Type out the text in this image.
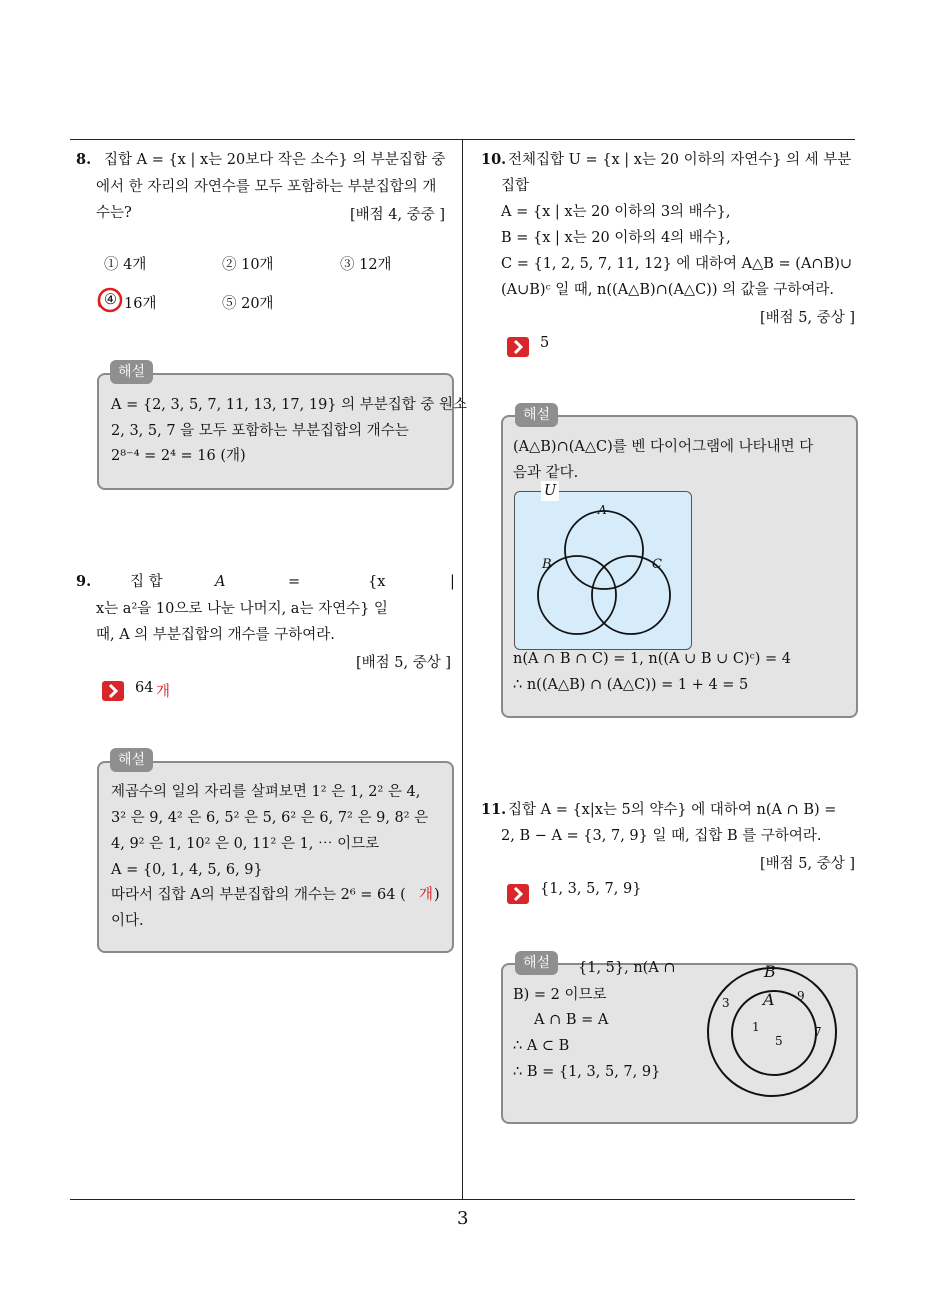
8. 집합 A = {x | x는 20보다 작은 소수} 의 부분집합 중
에서 한 자리의 자연수를 모두 포함하는 부분집합의 개
수는?	[배점 4, 중중 ]
① 4개	② 10개	③ 12개
④ 16개	⑤ 20개
해설
A = {2, 3, 5, 7, 11, 13, 17, 19} 의 부분집합 중 원소
2, 3, 5, 7 을 모두 포함하는 부분집합의 개수는
2⁸⁻⁴ = 2⁴ = 16 (개)
9.	집 합	A	=	{x	|
x는 a²을 10으로 나눈 나머지, a는 자연수} 일
때, A 의 부분집합의 개수를 구하여라.
[배점 5, 중상 ]
64 개
해설
제곱수의 일의 자리를 살펴보면 1² 은 1, 2² 은 4,
3² 은 9, 4² 은 6, 5² 은 5, 6² 은 6, 7² 은 9, 8² 은
4, 9² 은 1, 10² 은 0, 11² 은 1, ⋯ 이므로
A = {0, 1, 4, 5, 6, 9}
따라서 집합 A의 부분집합의 개수는 2⁶ = 64 ( 개 )
이다.
10. 전체집합 U = {x | x는 20 이하의 자연수} 의 세 부분
집합
A = {x | x는 20 이하의 3의 배수},
B = {x | x는 20 이하의 4의 배수},
C = {1, 2, 5, 7, 11, 12} 에 대하여 A△B = (A∩B)∪
(A∪B)ᶜ 일 때, n((A△B)∩(A△C)) 의 값을 구하여라.
[배점 5, 중상 ]
5
해설
(A△B)∩(A△C)를 벤 다이어그램에 나타내면 다
음과 같다.
U
A
B	C
n(A ∩ B ∩ C) = 1, n((A ∪ B ∪ C)ᶜ) = 4
∴ n((A△B) ∩ (A△C)) = 1 + 4 = 5
11. 집합 A = {x|x는 5의 약수} 에 대하여 n(A ∩ B) =
2, B − A = {3, 7, 9} 일 때, 집합 B 를 구하여라.
[배점 5, 중상 ]
{1, 3, 5, 7, 9}
해설	{1, 5}, n(A ∩
B) = 2 이므로
A ∩ B = A
∴ A ⊂ B
∴ B = {1, 3, 5, 7, 9}
B
A
3	9
1
5
7
3
